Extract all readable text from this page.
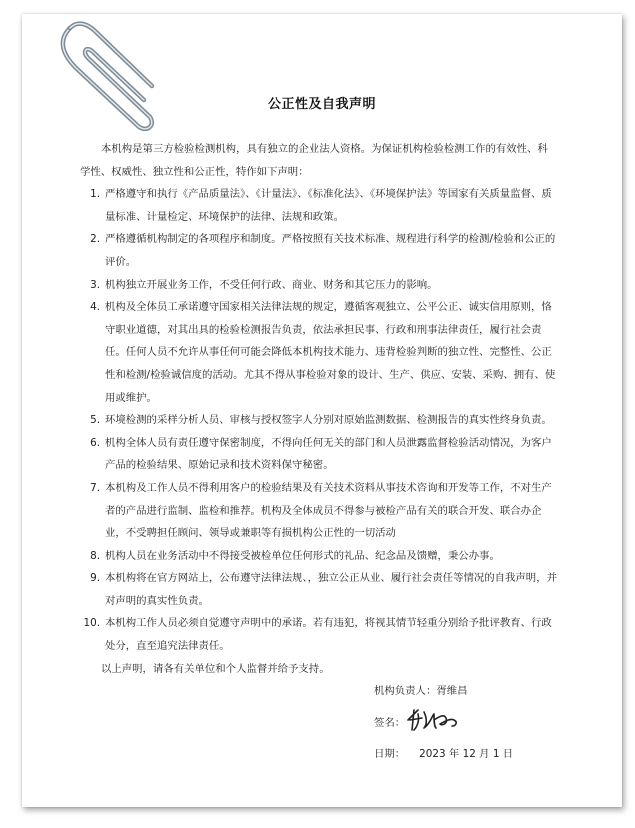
公正性及自我声明

本机构是第三方检验检测机构，具有独立的企业法人资格。为保证机构检验检测工作的有效性、科学性、权威性、独立性和公正性，特作如下声明：

1. 严格遵守和执行《产品质量法》、《计量法》、《标准化法》、《环境保护法》等国家有关质量监督、质量标准、计量检定、环境保护的法律、法规和政策。
2. 严格遵循机构制定的各项程序和制度。严格按照有关技术标准、规程进行科学的检测/检验和公正的评价。
3. 机构独立开展业务工作，不受任何行政、商业、财务和其它压力的影响。
4. 机构及全体员工承诺遵守国家相关法律法规的规定，遵循客观独立、公平公正、诚实信用原则，恪守职业道德，对其出具的检验检测报告负责，依法承担民事、行政和刑事法律责任，履行社会责任。任何人员不允许从事任何可能会降低本机构技术能力、违背检验判断的独立性、完整性、公正性和检测/检验诚信度的活动。尤其不得从事检验对象的设计、生产、供应、安装、采购、拥有、使用或维护。
5. 环境检测的采样分析人员、审核与授权签字人分别对原始监测数据、检测报告的真实性终身负责。
6. 机构全体人员有责任遵守保密制度，不得向任何无关的部门和人员泄露监督检验活动情况，为客户产品的检验结果、原始记录和技术资料保守秘密。
7. 本机构及工作人员不得利用客户的检验结果及有关技术资料从事技术咨询和开发等工作，不对生产者的产品进行监制、监检和推荐。机构及全体成员不得参与被检产品有关的联合开发、联合办企业，不受聘担任顾问、领导或兼职等有损机构公正性的一切活动
8. 机构人员在业务活动中不得接受被检单位任何形式的礼品、纪念品及馈赠，秉公办事。
9. 本机构将在官方网站上，公布遵守法律法规、，独立公正从业、履行社会责任等情况的自我声明，并对声明的真实性负责。
10. 本机构工作人员必须自觉遵守声明中的承诺。若有违犯，将视其情节轻重分别给予批评教育、行政处分，直至追究法律责任。

以上声明，请各有关单位和个人监督并给予支持。

机构负责人：胥维昌
签名：
日期： 2023 年 12 月 1 日
